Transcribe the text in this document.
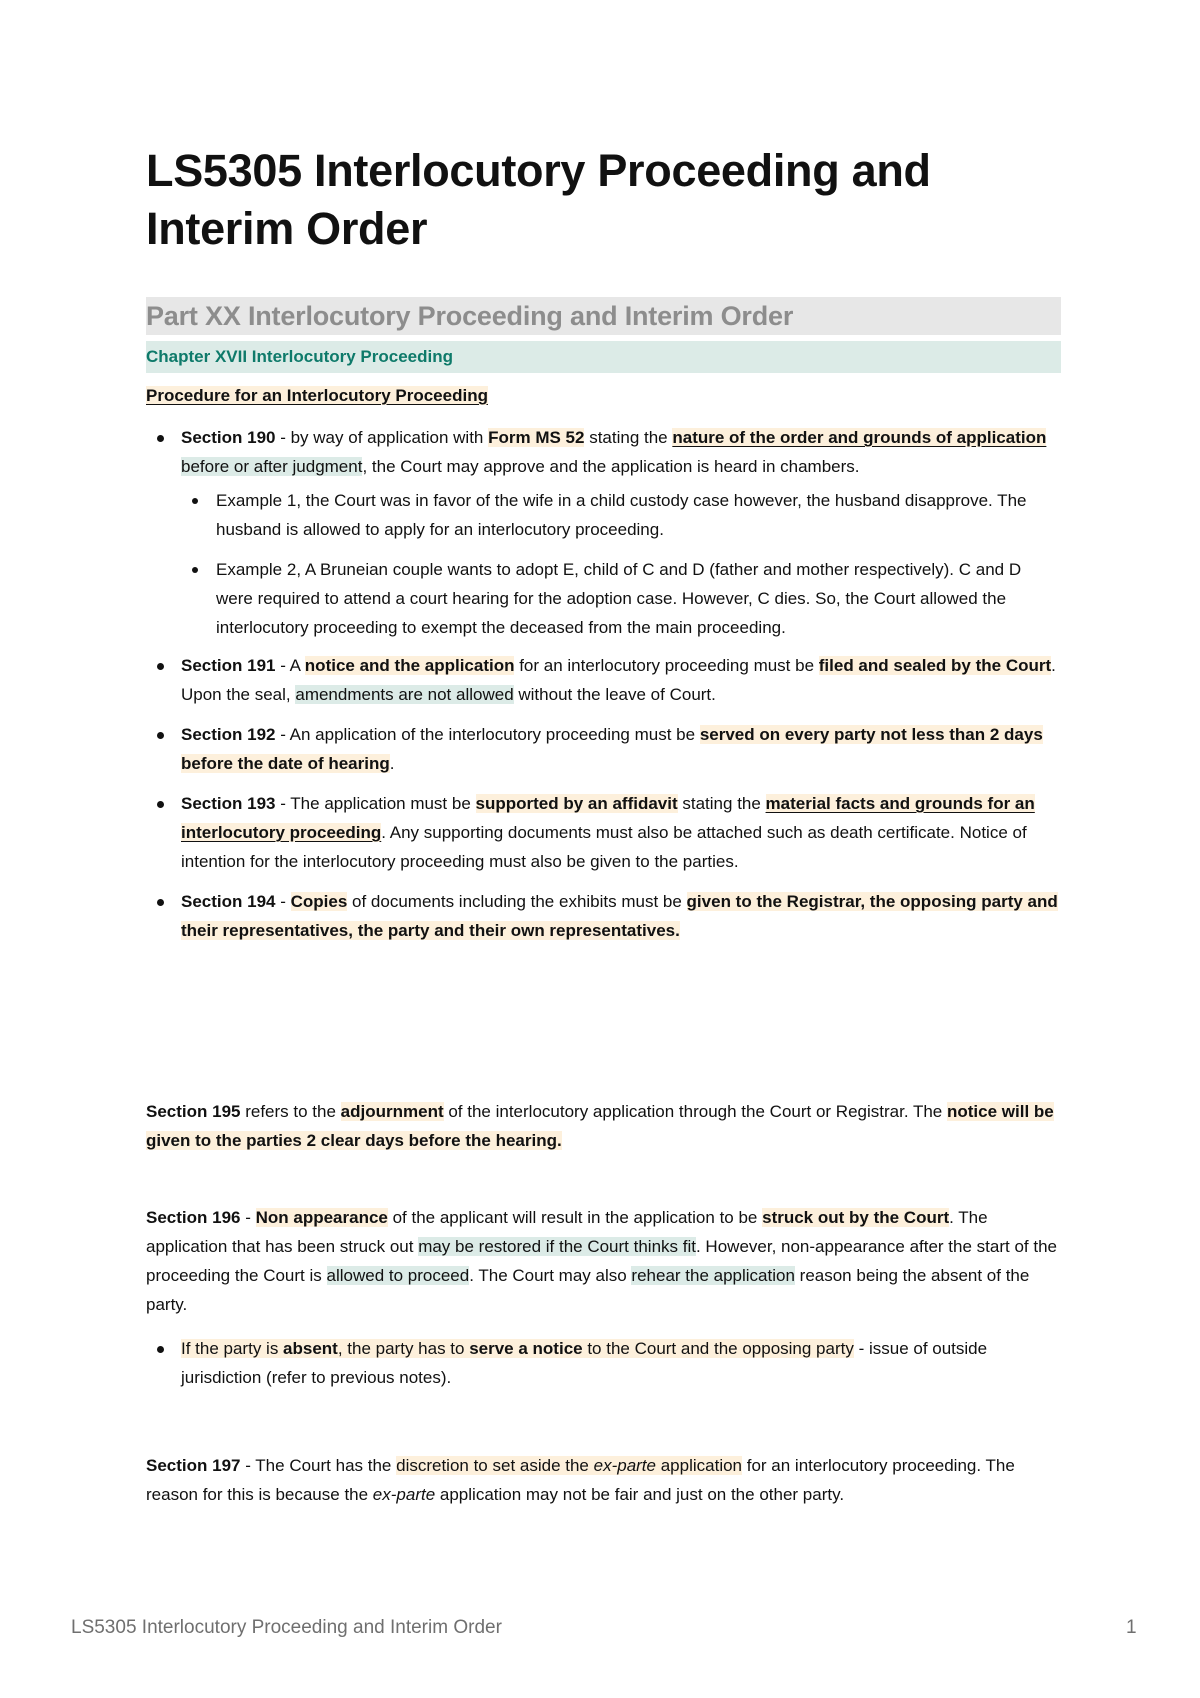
LS5305 Interlocutory Proceeding and Interim Order
Part XX Interlocutory Proceeding and Interim Order
Chapter XVII Interlocutory Proceeding
Procedure for an Interlocutory Proceeding
Section 190 - by way of application with Form MS 52 stating the nature of the order and grounds of application before or after judgment, the Court may approve and the application is heard in chambers.
Example 1, the Court was in favor of the wife in a child custody case however, the husband disapprove. The husband is allowed to apply for an interlocutory proceeding.
Example 2, A Bruneian couple wants to adopt E, child of C and D (father and mother respectively). C and D were required to attend a court hearing for the adoption case. However, C dies. So, the Court allowed the interlocutory proceeding to exempt the deceased from the main proceeding.
Section 191 - A notice and the application for an interlocutory proceeding must be filed and sealed by the Court. Upon the seal, amendments are not allowed without the leave of Court.
Section 192 - An application of the interlocutory proceeding must be served on every party not less than 2 days before the date of hearing.
Section 193 - The application must be supported by an affidavit stating the material facts and grounds for an interlocutory proceeding. Any supporting documents must also be attached such as death certificate. Notice of intention for the interlocutory proceeding must also be given to the parties.
Section 194 - Copies of documents including the exhibits must be given to the Registrar, the opposing party and their representatives, the party and their own representatives.

Section 195 refers to the adjournment of the interlocutory application through the Court or Registrar. The notice will be given to the parties 2 clear days before the hearing.

Section 196 - Non appearance of the applicant will result in the application to be struck out by the Court. The application that has been struck out may be restored if the Court thinks fit. However, non-appearance after the start of the proceeding the Court is allowed to proceed. The Court may also rehear the application reason being the absent of the party.

If the party is absent, the party has to serve a notice to the Court and the opposing party - issue of outside jurisdiction (refer to previous notes).

Section 197 - The Court has the discretion to set aside the ex-parte application for an interlocutory proceeding. The reason for this is because the ex-parte application may not be fair and just on the other party.

LS5305 Interlocutory Proceeding and Interim Order	1
